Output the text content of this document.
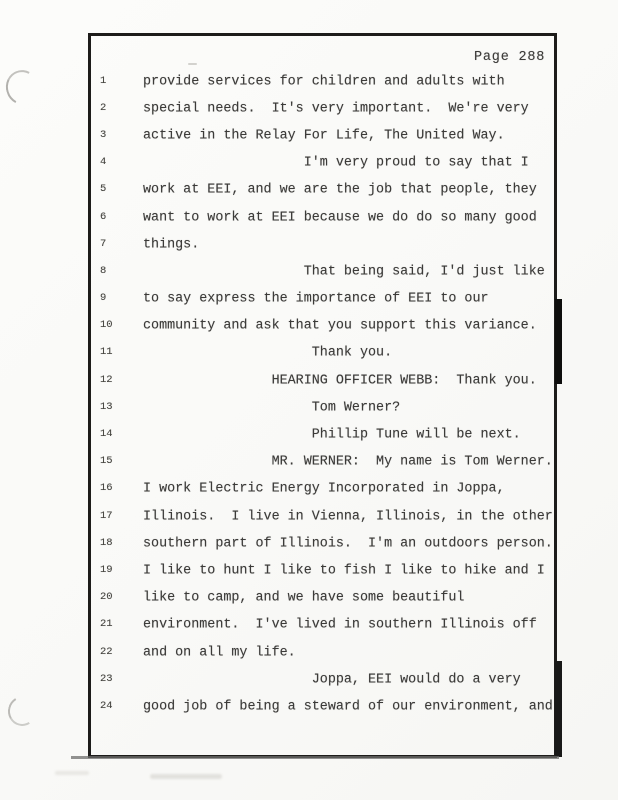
Page 288
1	provide services for children and adults with
2	special needs.  It's very important.  We're very
3	active in the Relay For Life, The United Way.
4	I'm very proud to say that I
5	work at EEI, and we are the job that people, they
6	want to work at EEI because we do do so many good
7	things.
8	That being said, I'd just like
9	to say express the importance of EEI to our
10 community and ask that you support this variance.
11 Thank you.
12 HEARING OFFICER WEBB:  Thank you.
13 Tom Werner?
14 Phillip Tune will be next.
15 MR. WERNER:  My name is Tom Werner.
16 I work Electric Energy Incorporated in Joppa,
17 Illinois.  I live in Vienna, Illinois, in the other
18 southern part of Illinois.  I'm an outdoors person.
19 I like to hunt I like to fish I like to hike and I
20 like to camp, and we have some beautiful
21 environment.  I've lived in southern Illinois off
22 and on all my life.
23 Joppa, EEI would do a very
24 good job of being a steward of our environment, and
